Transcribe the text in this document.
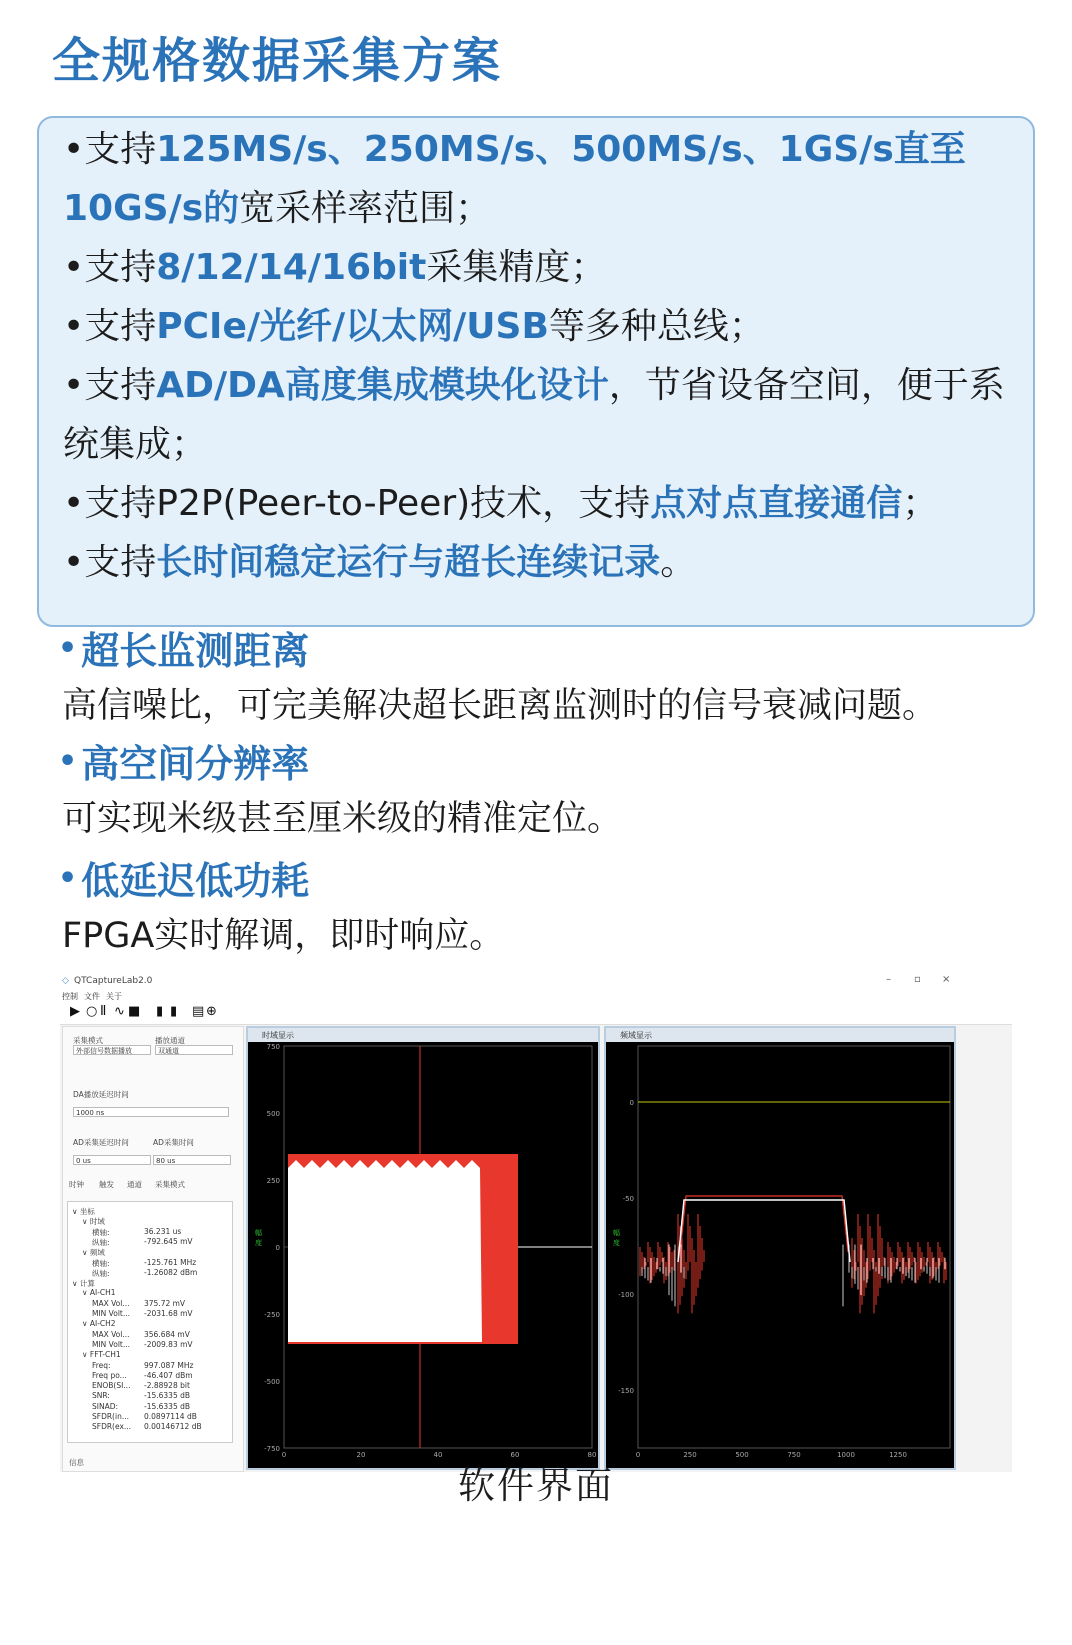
全规格数据采集方案
•支持125MS/s、250MS/s、500MS/s、1GS/s直至
10GS/s的宽采样率范围；
•支持8/12/14/16bit采集精度；
•支持PCIe/光纤/以太网/USB等多种总线；
•支持AD/DA高度集成模块化设计，节省设备空间，便于系
统集成；
•支持P2P(Peer-to-Peer)技术，支持点对点直接通信；
•支持长时间稳定运行与超长连续记录。
• 超长监测距离
高信噪比，可完美解决超长距离监测时的信号衰减问题。
• 高空间分辨率
可实现米级甚至厘米级的精准定位。
• 低延迟低功耗
FPGA实时解调，即时响应。
◇ QTCaptureLab2.0	– ▫ ×
控制 文件 关于
▶ ○ Ⅱ ∿ ■ ▮ ▮ ▤ ⊕
采集模式	播放通道
外部信号数据播放	双通道
DA播放延迟时间
1000 ns
AD采集延迟时间	AD采集时间
0 us	80 us
时钟 触发 通道 采集模式
∨ 坐标
∨ 时域
横轴:	36.231 us
纵轴:	-792.645 mV
∨ 频域
横轴:	-125.761 MHz
纵轴:	-1.26082 dBm
∨ 计算
∨ AI-CH1
MAX Vol... 375.72 mV
MIN Volt... -2031.68 mV
∨ AI-CH2
MAX Vol... 356.684 mV
MIN Volt... -2009.83 mV
∨ FFT-CH1
Freq:	997.087 MHz
Freq po... -46.407 dBm
ENOB(SI... -2.88928 bit
SNR:	-15.6335 dB
SINAD:	-15.6335 dB
SFDR(in... 0.0897114 dB
SFDR(ex... 0.00146712 dB
信息
时域显示
750
500
250
0
-250
-500
-750
0	20	40	60	80
幅度
频域显示
0
-50
-100
-150
0	250	500	750	1000	1250
幅度
软件界面
